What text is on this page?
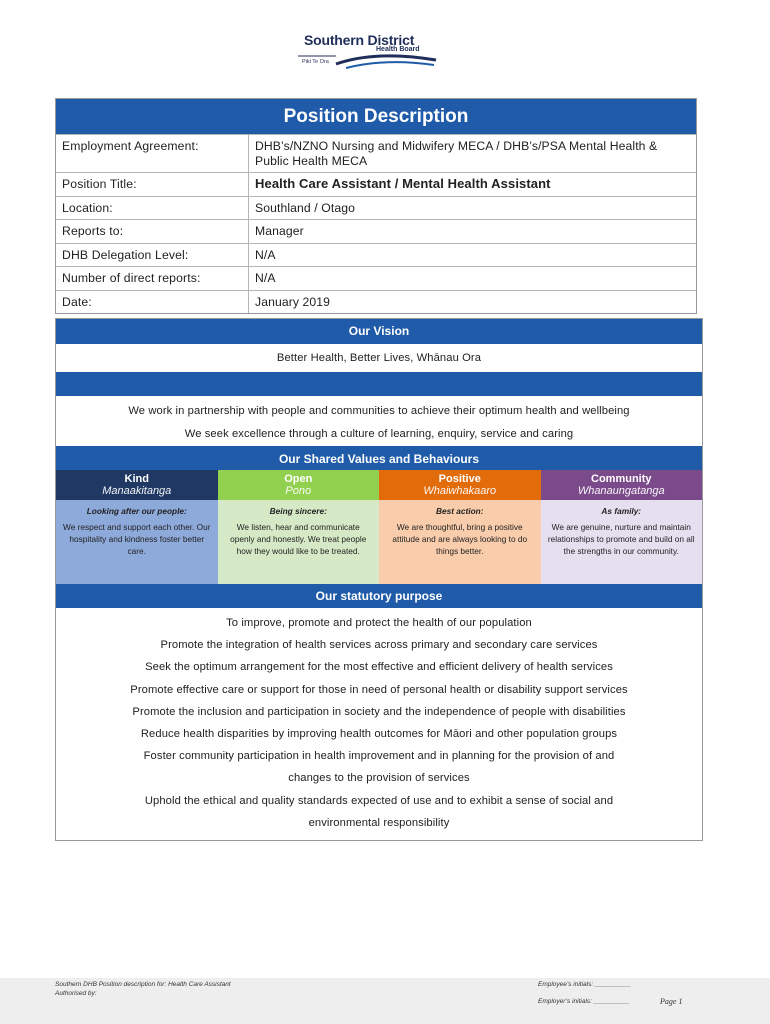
Southern District
Health Board
Piki Te Ora
Position Description
Employment Agreement:	DHB’s/NZNO Nursing and Midwifery MECA / DHB’s/PSA Mental Health & Public Health MECA
Position Title:	Health Care Assistant / Mental Health Assistant
Location:	Southland / Otago
Reports to:	Manager
DHB Delegation Level:	N/A
Number of direct reports:	N/A
Date:	January 2019
Our Vision
Better Health, Better Lives, Whānau Ora
We work in partnership with people and communities to achieve their optimum health and wellbeing
We seek excellence through a culture of learning, enquiry, service and caring
Our Shared Values and Behaviours
Kind
Manaakitanga
Looking after our people:
We respect and support each other. Our hospitality and kindness foster better care.
Open
Pono
Being sincere:
We listen, hear and communicate openly and honestly. We treat people how they would like to be treated.
Positive
Whaiwhakaaro
Best action:
We are thoughtful, bring a positive attitude and are always looking to do things better.
Community
Whanaungatanga
As family:
We are genuine, nurture and maintain relationships to promote and build on all the strengths in our community.
Our statutory purpose
To improve, promote and protect the health of our population
Promote the integration of health services across primary and secondary care services
Seek the optimum arrangement for the most effective and efficient delivery of health services
Promote effective care or support for those in need of personal health or disability support services
Promote the inclusion and participation in society and the independence of people with disabilities
Reduce health disparities by improving health outcomes for Māori and other population groups
Foster community participation in health improvement and in planning for the provision of and
changes to the provision of services
Uphold the ethical and quality standards expected of use and to exhibit a sense of social and
environmental responsibility
Southern DHB Position description for: Health Care Assistant
Authorised by:
Employee’s initials: __________
Employer’s initials: __________	Page 1
